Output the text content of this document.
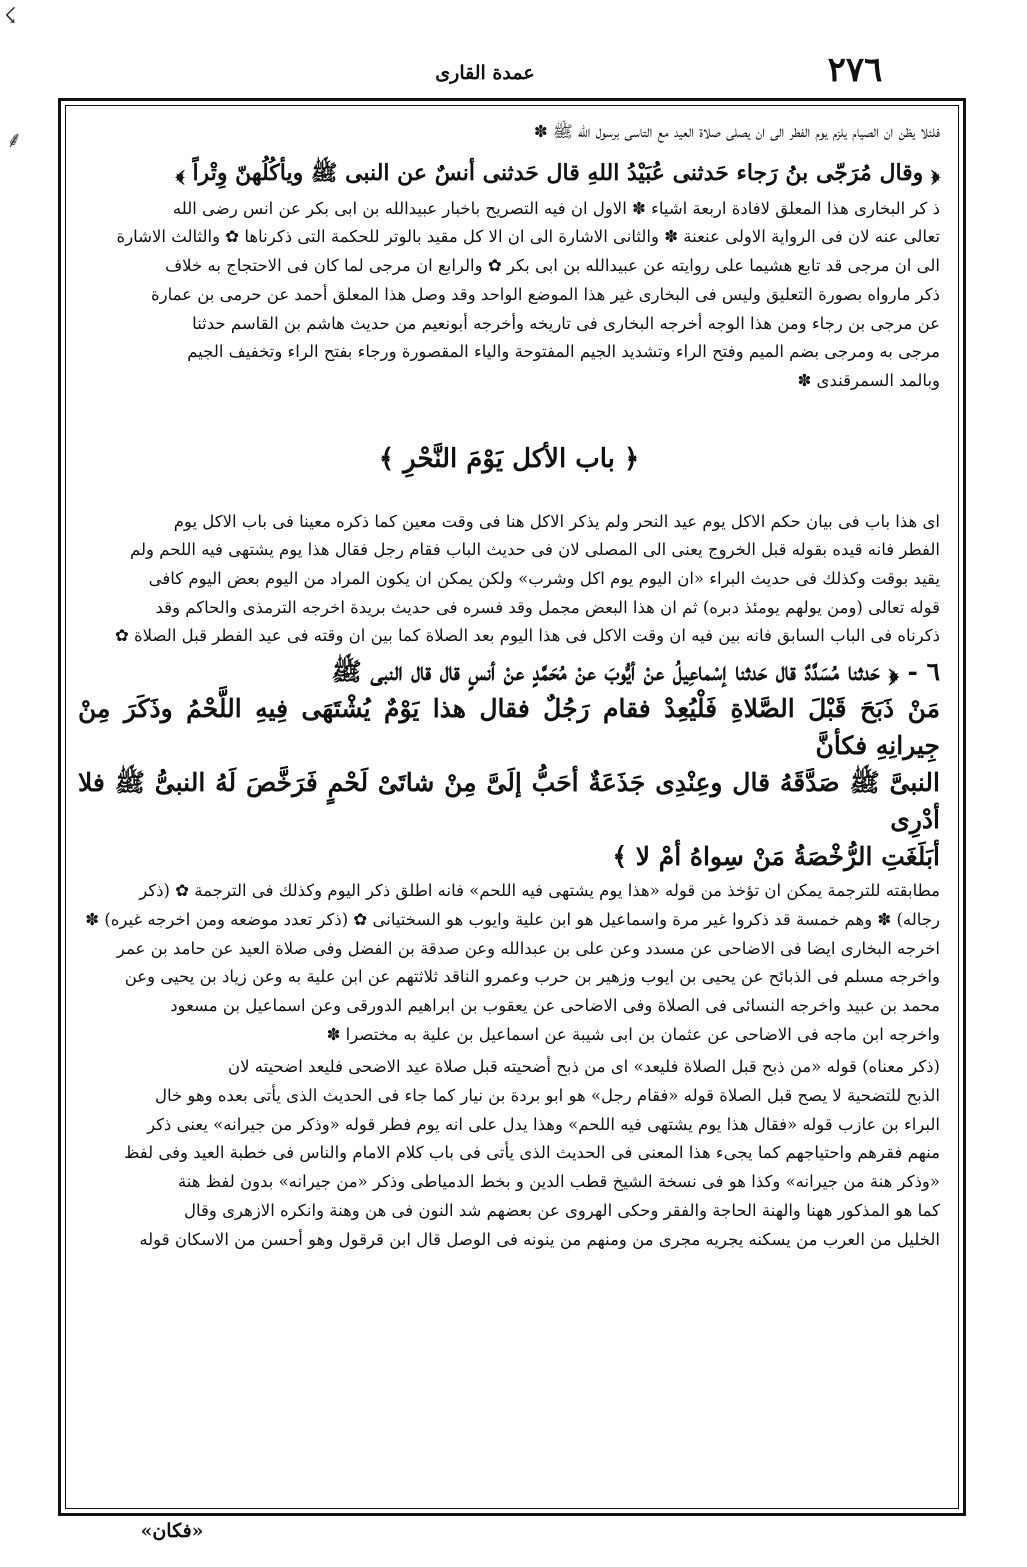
☇
⸙
عمدة القارى	٢٧٦

فلئلا يظن ان الصيام يلزم يوم الفطر الى ان يصلى صلاة العيد مع التاسى برسول الله ﷺ ✽

﴿ وقال مُرَجّى بنُ رَجاء حَدثنى عُبَيْدُ اللهِ قال حَدثنى أنسٌ عن النبى ﷺ ويأكُلُهنّ وِتْراً ﴾

ذ كر البخارى هذا المعلق لافادة اربعة اشياء ✽ الاول ان فيه التصريح باخبار عبيدالله بن ابى بكر عن انس رضى الله
تعالى عنه لان فى الرواية الاولى عنعنة ✽ والثانى الاشارة الى ان الا كل مقيد بالوتر للحكمة التى ذكرناها ✿ والثالث الاشارة
الى ان مرجى قد تابع هشيما على روايته عن عبيدالله بن ابى بكر ✿ والرابع ان مرجى لما كان فى الاحتجاج به خلاف
ذكر مارواه بصورة التعليق وليس فى البخارى غير هذا الموضع الواحد وقد وصل هذا المعلق أحمد عن حرمى بن عمارة
عن مرجى بن رجاء ومن هذا الوجه أخرجه البخارى فى تاريخه وأخرجه أبونعيم من حديث هاشم بن القاسم حدثنا
مرجى به ومرجى بضم الميم وفتح الراء وتشديد الجيم المفتوحة والياء المقصورة ورجاء بفتح الراء وتخفيف الجيم
وبالمد السمرقندى ✽

﴿ باب الأكل يَوْمَ النَّحْرِ ﴾

اى هذا باب فى بيان حكم الاكل يوم عيد النحر ولم يذكر الاكل هنا فى وقت معين كما ذكره معينا فى باب الاكل يوم
الفطر فانه قيده بقوله قبل الخروج يعنى الى المصلى لان فى حديث الباب فقام رجل فقال هذا يوم يشتهى فيه اللحم ولم
يقيد بوقت وكذلك فى حديث البراء «ان اليوم يوم اكل وشرب» ولكن يمكن ان يكون المراد من اليوم بعض اليوم كافى
قوله تعالى (ومن يولهم يومئذ دبره) ثم ان هذا البعض مجمل وقد فسره فى حديث بريدة اخرجه الترمذى والحاكم وقد
ذكرناه فى الباب السابق فانه بين فيه ان وقت الاكل فى هذا اليوم بعد الصلاة كما بين ان وقته فى عيد الفطر قبل الصلاة ✿
٦ - ﴿ حَدثنا مُسَدَّدٌ قال حَدثنا إسْماعِيلُ عنْ أيُّوبَ عنْ مُحَمَّدٍ عنْ أنسٍ قال قال النبى ﷺ
مَنْ ذَبَحَ قَبْلَ الصَّلاةِ فَلْيُعِدْ فقام رَجُلٌ فقال هذا يَوْمٌ يُشْتَهَى فِيهِ اللَّحْمُ وذَكَرَ مِنْ جِيرانِهِ فكأنَّ
النبىَّ ﷺ صَدَّقَهُ قال وعِنْدِى جَذَعَةٌ أحَبُّ إلَىَّ مِنْ شاتَىْ لَحْمٍ فَرَخَّصَ لَهُ النبىُّ ﷺ فلا أدْرِى
أبَلَغَتِ الرُّخْصَةُ مَنْ سِواهُ أمْ لا ﴾
مطابقته للترجمة يمكن ان تؤخذ من قوله «هذا يوم يشتهى فيه اللحم» فانه اطلق ذكر اليوم وكذلك فى الترجمة ✿ (ذكر
رجاله) ✽ وهم خمسة قد ذكروا غير مرة واسماعيل هو ابن علية وايوب هو السختيانى ✿ (ذكر تعدد موضعه ومن اخرجه غيره) ✽
اخرجه البخارى ايضا فى الاضاحى عن مسدد وعن على بن عبدالله وعن صدقة بن الفضل وفى صلاة العيد عن حامد بن عمر
واخرجه مسلم فى الذبائح عن يحيى بن ايوب وزهير بن حرب وعمرو الناقد ثلاثتهم عن ابن علية به وعن زياد بن يحيى وعن
محمد بن عبيد واخرجه النسائى فى الصلاة وفى الاضاحى عن يعقوب بن ابراهيم الدورقى وعن اسماعيل بن مسعود
واخرجه ابن ماجه فى الاضاحى عن عثمان بن ابى شيبة عن اسماعيل بن علية به مختصرا ✽
(ذكر معناه) قوله «من ذبح قبل الصلاة فليعد» اى من ذبح أضحيته قبل صلاة عيد الاضحى فليعد اضحيته لان
الذبح للتضحية لا يصح قبل الصلاة قوله «فقام رجل» هو ابو بردة بن نيار كما جاء فى الحديث الذى يأتى بعده وهو خال
البراء بن عازب قوله «فقال هذا يوم يشتهى فيه اللحم» وهذا يدل على انه يوم فطر قوله «وذكر من جيرانه» يعنى ذكر
منهم فقرهم واحتياجهم كما يجىء هذا المعنى فى الحديث الذى يأتى فى باب كلام الامام والناس فى خطبة العيد وفى لفظ
«وذكر هنة من جيرانه» وكذا هو فى نسخة الشيخ قطب الدين و بخط الدمياطى وذكر «من جيرانه» بدون لفظ هنة
كما هو المذكور ههنا والهنة الحاجة والفقر وحكى الهروى عن بعضهم شد النون فى هن وهنة وانكره الازهرى وقال
الخليل من العرب من يسكنه يجريه مجرى من ومنهم من ينونه فى الوصل قال ابن قرقول وهو أحسن من الاسكان قوله
«فكان»
